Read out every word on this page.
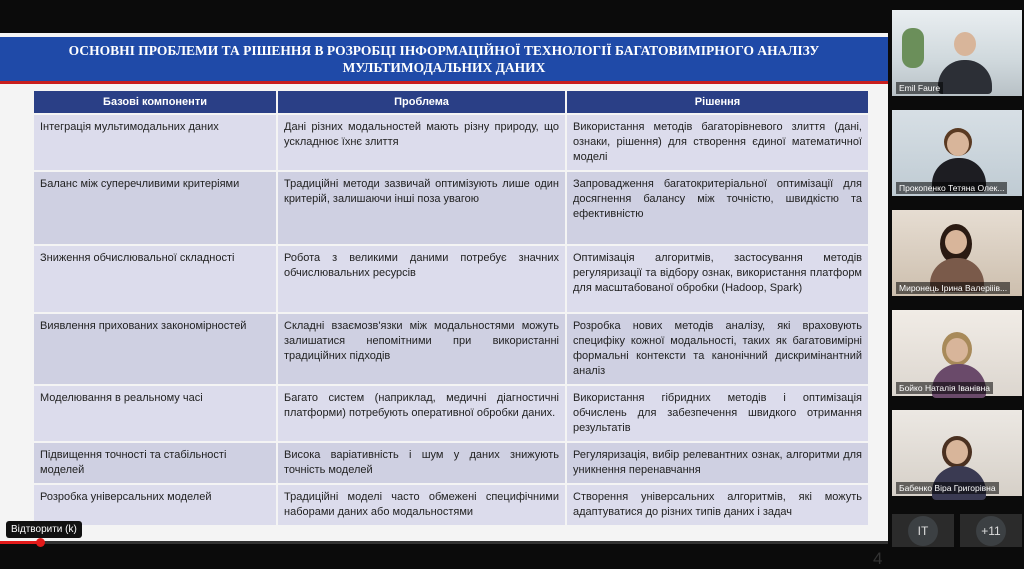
ОСНОВНІ ПРОБЛЕМИ ТА РІШЕННЯ В РОЗРОБЦІ ІНФОРМАЦІЙНОЇ ТЕХНОЛОГІЇ БАГАТОВИМІРНОГО АНАЛІЗУ
МУЛЬТИМОДАЛЬНИХ ДАНИХ
Базові компоненти	Проблема	Рішення
Інтеграція мультимодальних даних	Дані різних модальностей мають різну природу, що ускладнює їхнє злиття	Використання методів багаторівневого злиття (дані, ознаки, рішення) для створення єдиної математичної моделі
Баланс між суперечливими критеріями	Традиційні методи зазвичай оптимізують лише один критерій, залишаючи інші поза увагою	Запровадження багатокритеріальної оптимізації для досягнення балансу між точністю, швидкістю та ефективністю
Зниження обчислювальної складності	Робота з великими даними потребує значних обчислювальних ресурсів	Оптимізація алгоритмів, застосування методів регуляризації та відбору ознак, використання платформ для масштабованої обробки (Hadoop, Spark)
Виявлення прихованих закономірностей	Складні взаємозв'язки між модальностями можуть залишатися непомітними при використанні традиційних підходів	Розробка нових методів аналізу, які враховують специфіку кожної модальності, таких як багатовимірні формальні контексти та канонічний дискримінантний аналіз
Моделювання в реальному часі	Багато систем (наприклад, медичні діагностичні платформи) потребують оперативної обробки даних.	Використання гібридних методів і оптимізація обчислень для забезпечення швидкого отримання результатів
Підвищення точності та стабільності моделей	Висока варіативність і шум у даних знижують точність моделей	Регуляризація, вибір релевантних ознак, алгоритми для уникнення перенавчання
Розробка універсальних моделей	Традиційні моделі часто обмежені специфічними наборами даних або модальностями	Створення універсальних алгоритмів, які можуть адаптуватися до різних типів даних і задач
4
Emil Faure
Прокопенко Тетяна Олек...
Миронець Ірина Валерііів...
Бойко Наталія Іванівна
Бабенко Віра Григорівна
IT	+11
Відтворити (k)
